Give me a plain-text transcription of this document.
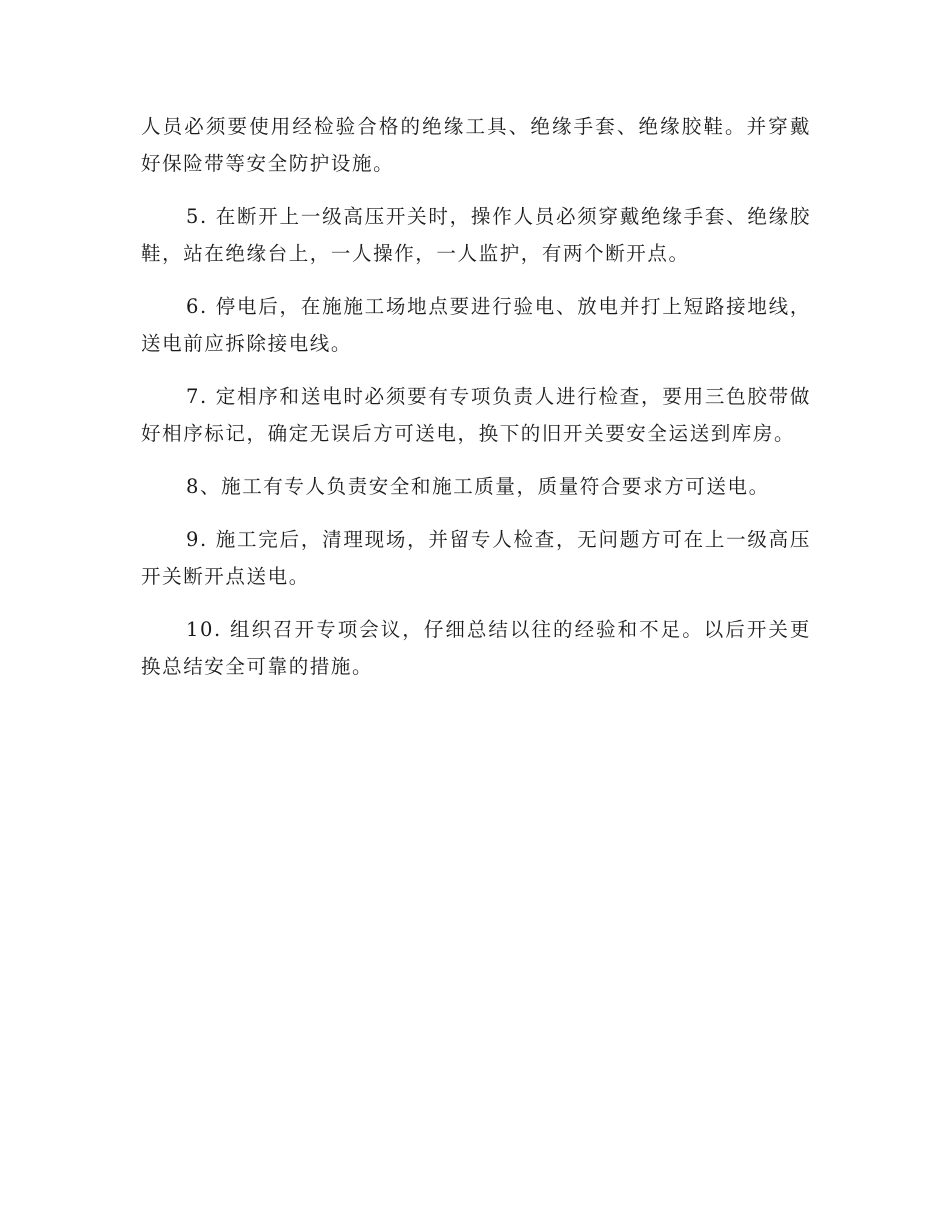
人员必须要使用经检验合格的绝缘工具、绝缘手套、绝缘胶鞋。并穿戴好保险带等安全防护设施。

5. 在断开上一级高压开关时，操作人员必须穿戴绝缘手套、绝缘胶鞋，站在绝缘台上，一人操作，一人监护，有两个断开点。

6. 停电后，在施施工场地点要进行验电、放电并打上短路接地线，送电前应拆除接电线。

7. 定相序和送电时必须要有专项负责人进行检查，要用三色胶带做好相序标记，确定无误后方可送电，换下的旧开关要安全运送到库房。

8、施工有专人负责安全和施工质量，质量符合要求方可送电。

9. 施工完后，清理现场，并留专人检查，无问题方可在上一级高压开关断开点送电。

10. 组织召开专项会议，仔细总结以往的经验和不足。以后开关更换总结安全可靠的措施。
